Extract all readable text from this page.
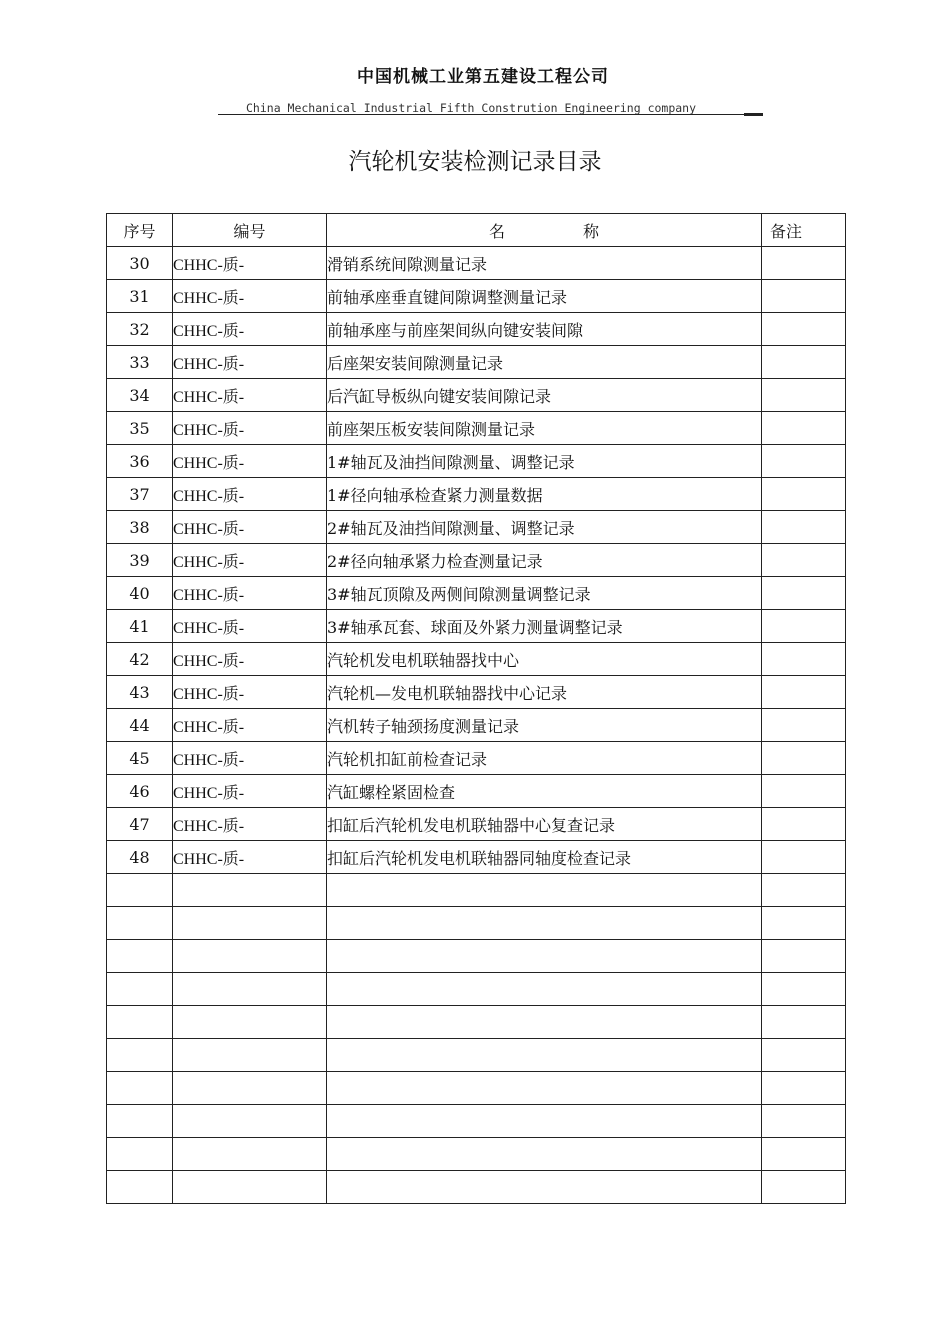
中国机械工业第五建设工程公司
China Mechanical Industrial Fifth Constrution Engineering company
汽轮机安装检测记录目录
序号	编号	名 称	备注
30	CHHC-质-	滑销系统间隙测量记录	
31	CHHC-质-	前轴承座垂直键间隙调整测量记录	
32	CHHC-质-	前轴承座与前座架间纵向键安装间隙	
33	CHHC-质-	后座架安装间隙测量记录	
34	CHHC-质-	后汽缸导板纵向键安装间隙记录	
35	CHHC-质-	前座架压板安装间隙测量记录	
36	CHHC-质-	1#轴瓦及油挡间隙测量、调整记录	
37	CHHC-质-	1#径向轴承检查紧力测量数据	
38	CHHC-质-	2#轴瓦及油挡间隙测量、调整记录	
39	CHHC-质-	2#径向轴承紧力检查测量记录	
40	CHHC-质-	3#轴瓦顶隙及两侧间隙测量调整记录	
41	CHHC-质-	3#轴承瓦套、球面及外紧力测量调整记录	
42	CHHC-质-	汽轮机发电机联轴器找中心	
43	CHHC-质-	汽轮机—发电机联轴器找中心记录	
44	CHHC-质-	汽机转子轴颈扬度测量记录	
45	CHHC-质-	汽轮机扣缸前检查记录	
46	CHHC-质-	汽缸螺栓紧固检查	
47	CHHC-质-	扣缸后汽轮机发电机联轴器中心复查记录	
48	CHHC-质-	扣缸后汽轮机发电机联轴器同轴度检查记录	
